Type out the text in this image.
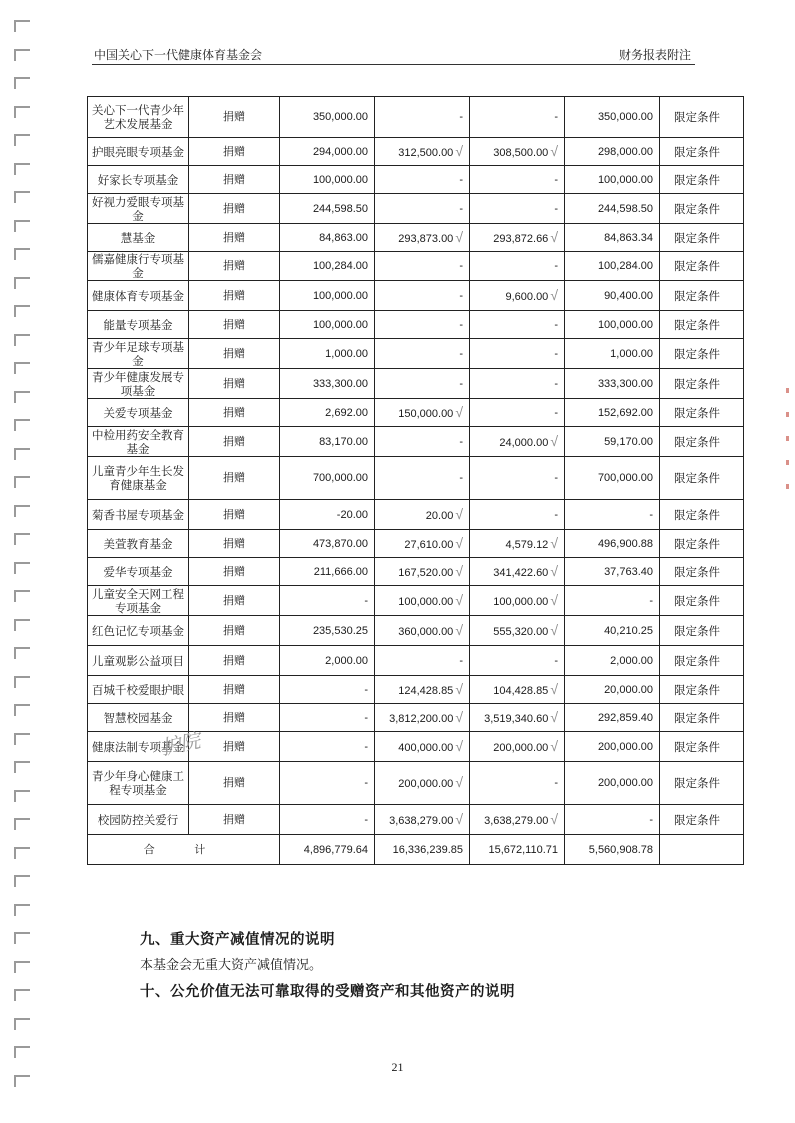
中国关心下一代健康体育基金会	财务报表附注
关心下一代青少年艺术发展基金	捐赠	350,000.00	-	-	350,000.00	限定条件
护眼亮眼专项基金	捐赠	294,000.00	312,500.00 √	308,500.00 √	298,000.00	限定条件
好家长专项基金	捐赠	100,000.00	-	-	100,000.00	限定条件
好视力爱眼专项基金	捐赠	244,598.50	-	-	244,598.50	限定条件
慧基金	捐赠	84,863.00	293,873.00 √	293,872.66 √	84,863.34	限定条件
儒嘉健康行专项基金	捐赠	100,284.00	-	-	100,284.00	限定条件
健康体育专项基金	捐赠	100,000.00	-	9,600.00 √	90,400.00	限定条件
能量专项基金	捐赠	100,000.00	-	-	100,000.00	限定条件
青少年足球专项基金	捐赠	1,000.00	-	-	1,000.00	限定条件
青少年健康发展专项基金	捐赠	333,300.00	-	-	333,300.00	限定条件
关爱专项基金	捐赠	2,692.00	150,000.00 √	-	152,692.00	限定条件
中检用药安全教育基金	捐赠	83,170.00	-	24,000.00 √	59,170.00	限定条件
儿童青少年生长发育健康基金	捐赠	700,000.00	-	-	700,000.00	限定条件
菊香书屋专项基金	捐赠	-20.00	20.00 √	-	-	限定条件
美萱教育基金	捐赠	473,870.00	27,610.00 √	4,579.12 √	496,900.88	限定条件
爱华专项基金	捐赠	211,666.00	167,520.00 √	341,422.60 √	37,763.40	限定条件
儿童安全天网工程专项基金	捐赠	-	100,000.00 √	100,000.00 √	-	限定条件
红色记忆专项基金	捐赠	235,530.25	360,000.00 √	555,320.00 √	40,210.25	限定条件
儿童观影公益项目	捐赠	2,000.00	-	-	2,000.00	限定条件
百城千校爱眼护眼	捐赠	-	124,428.85 √	104,428.85 √	20,000.00	限定条件
智慧校园基金	捐赠	-	3,812,200.00 √	3,519,340.60 √	292,859.40	限定条件
健康法制专项基金	捐赠	-	400,000.00 √	200,000.00 √	200,000.00	限定条件
青少年身心健康工程专项基金	捐赠	-	200,000.00 √	-	200,000.00	限定条件
校园防控关爱行	捐赠	-	3,638,279.00 √	3,638,279.00 √	-	限定条件
合 计		4,896,779.64	16,336,239.85	15,672,110.71	5,560,908.78	
护院
九、重大资产减值情况的说明
本基金会无重大资产减值情况。
十、公允价值无法可靠取得的受赠资产和其他资产的说明
21
